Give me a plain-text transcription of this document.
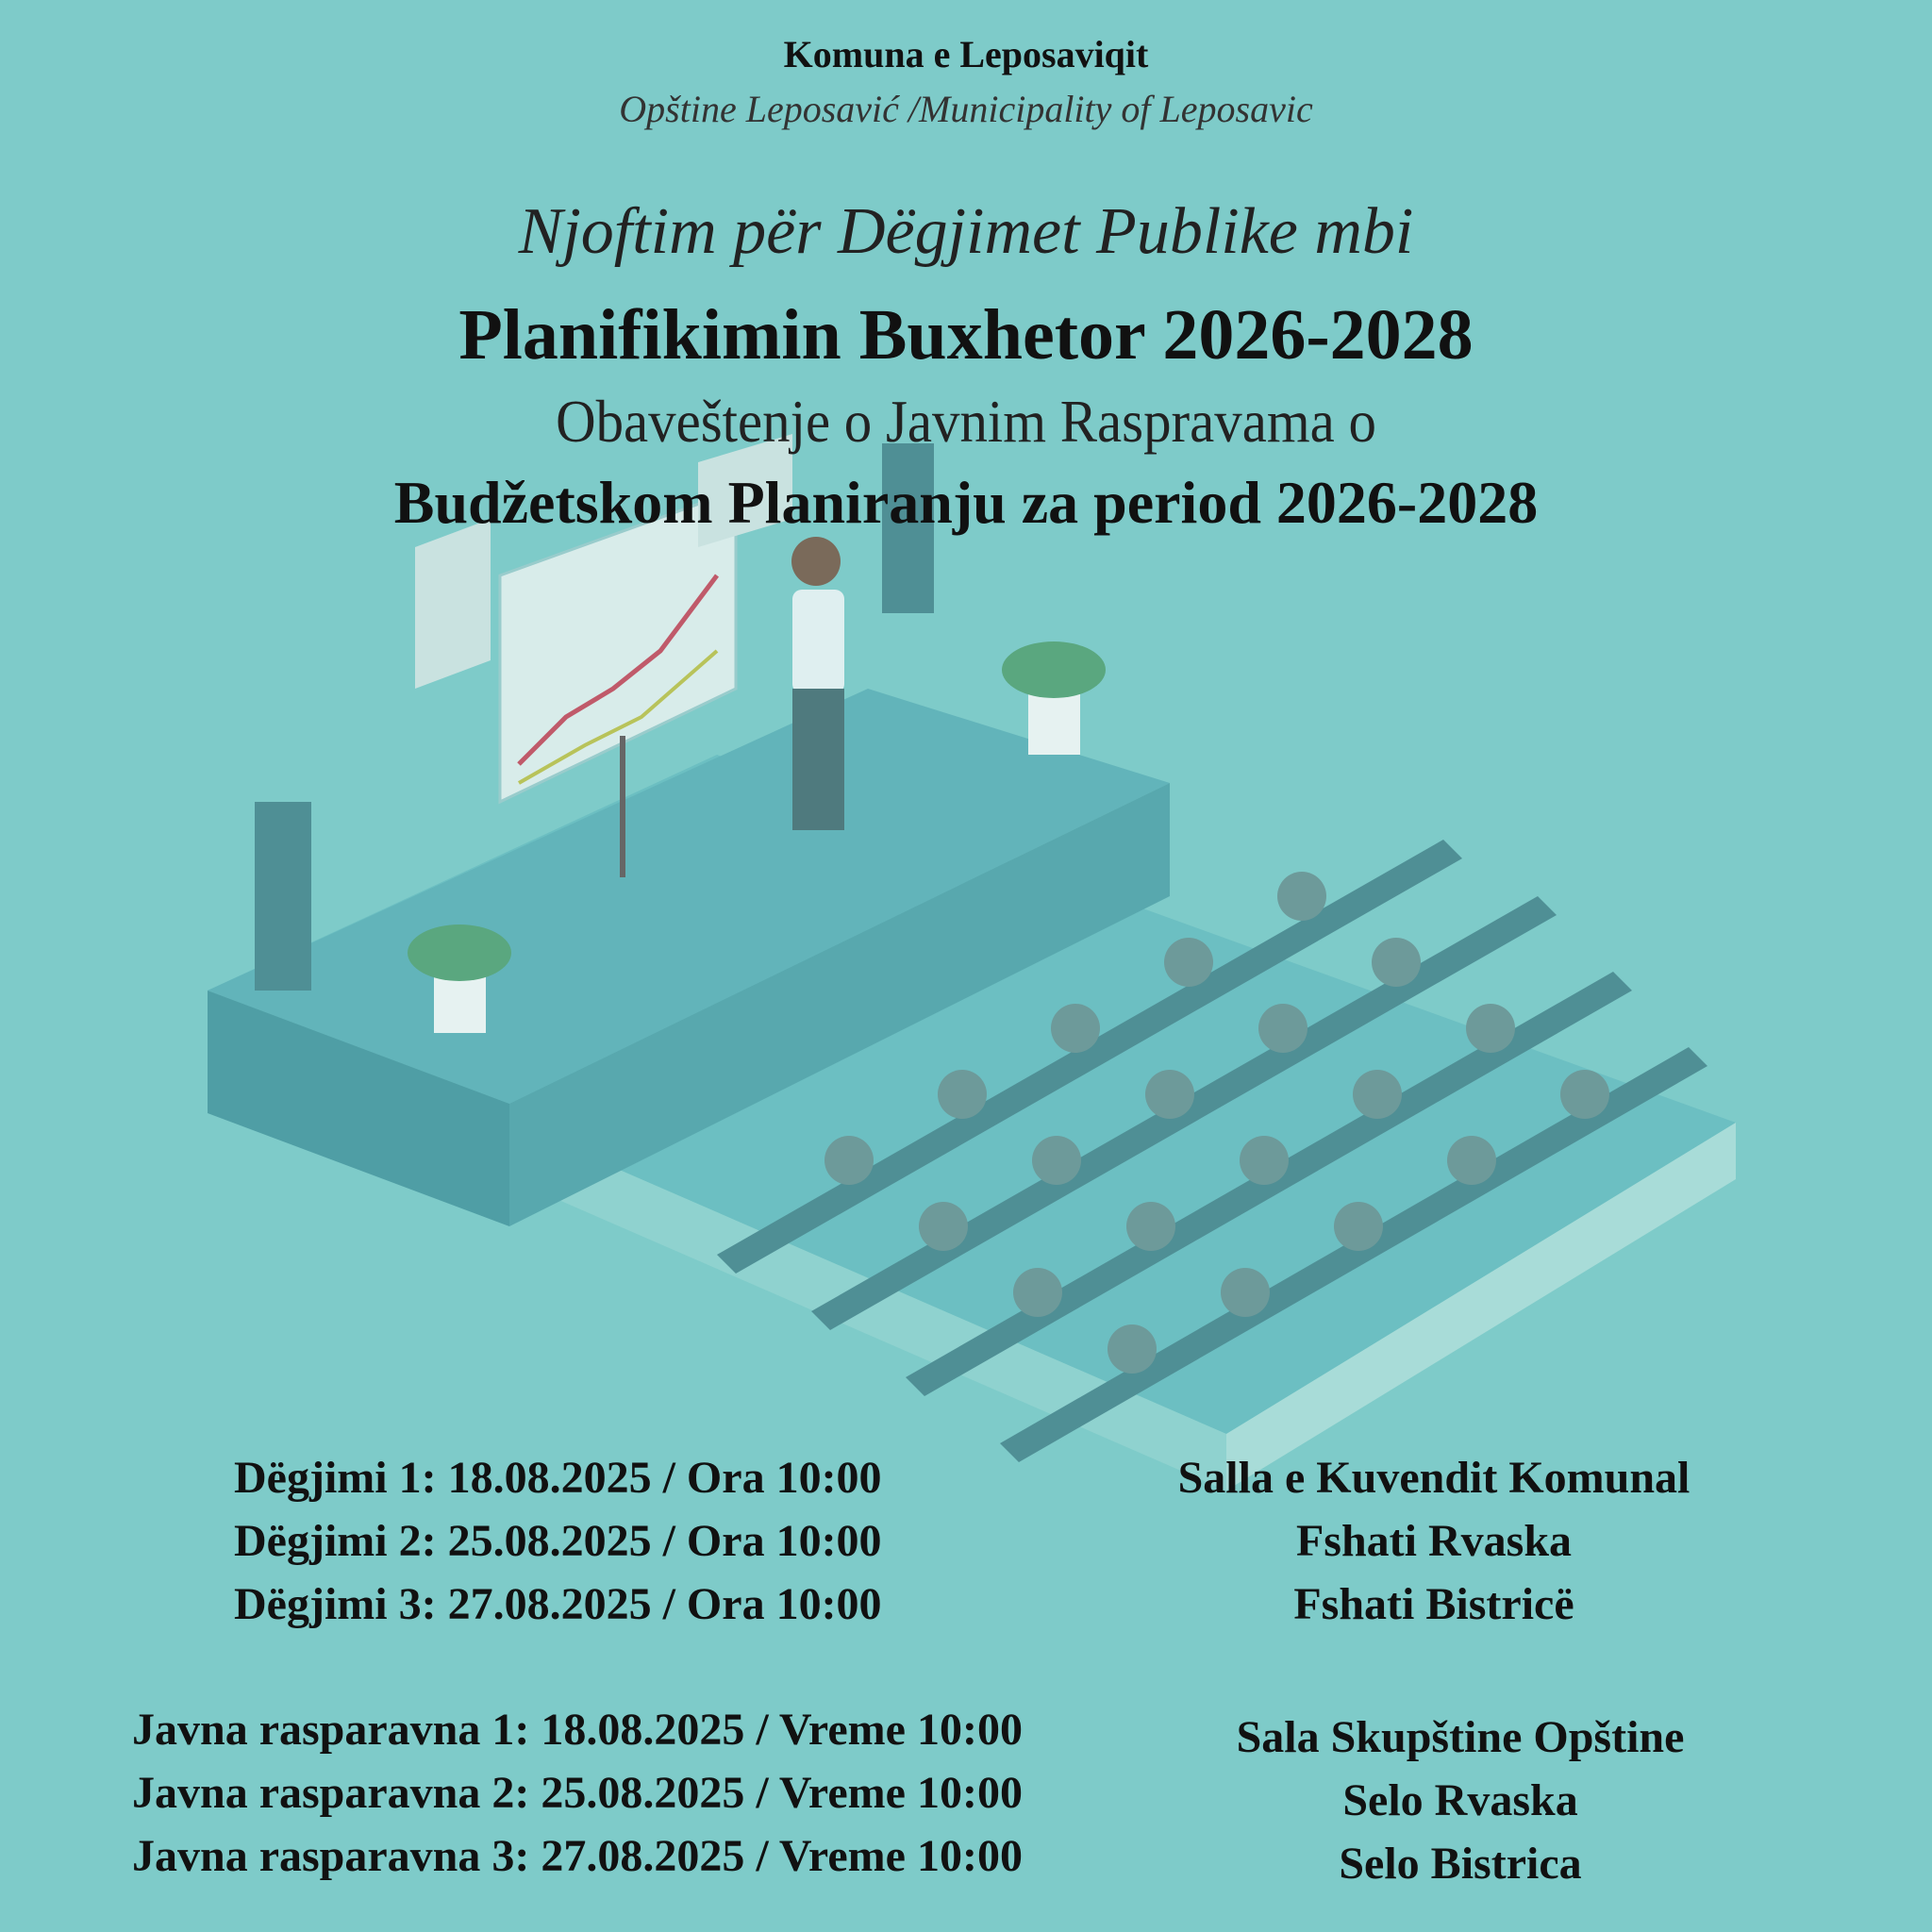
Komuna e Leposaviqit
Opštine Leposavić /Municipality of Leposavic
Njoftim për Dëgjimet Publike mbi
Planifikimin Buxhetor 2026-2028
Obaveštenje o Javnim Raspravama o
Budžetskom Planiranju za period 2026-2028
Dëgjimi 1: 18.08.2025 / Ora 10:00
Dëgjimi 2: 25.08.2025 / Ora 10:00
Dëgjimi 3: 27.08.2025 / Ora 10:00
Salla e Kuvendit Komunal
Fshati Rvaska
Fshati Bistricë
Javna rasparavna 1: 18.08.2025 / Vreme 10:00
Javna rasparavna 2: 25.08.2025 / Vreme 10:00
Javna rasparavna 3: 27.08.2025 / Vreme 10:00
Sala Skupštine Opštine
Selo Rvaska
Selo Bistrica
